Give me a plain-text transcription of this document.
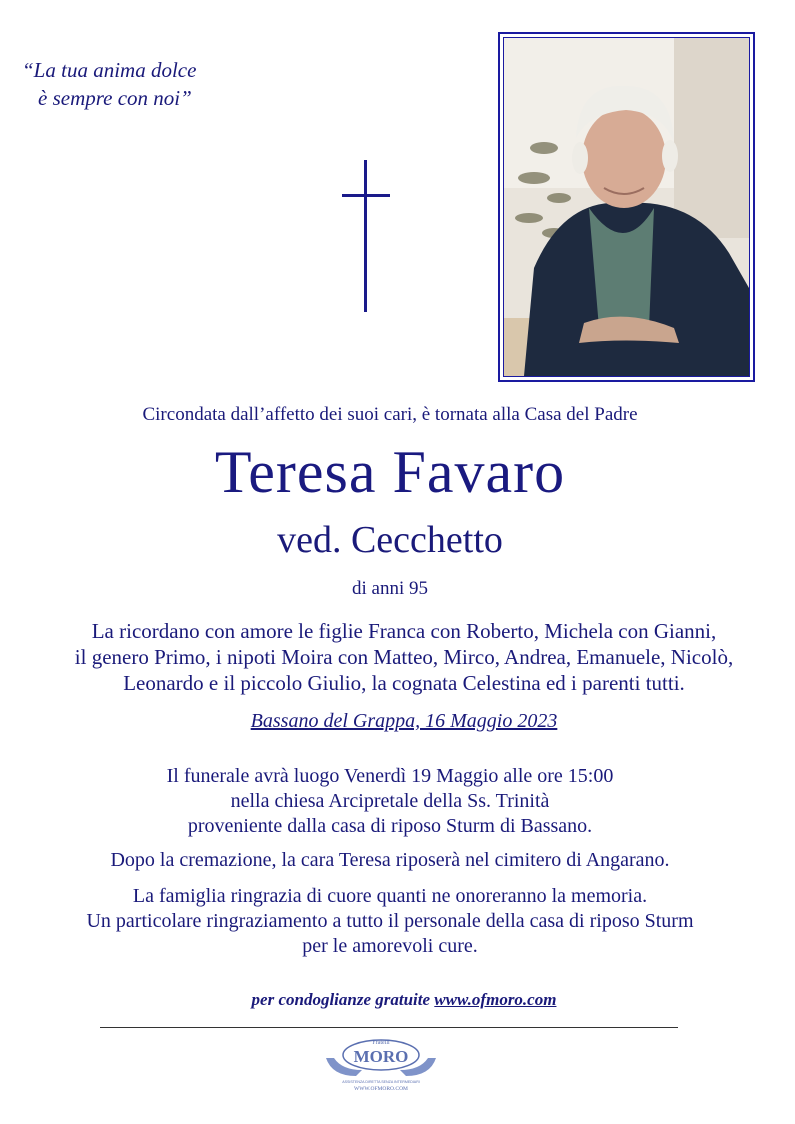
“La tua anima dolce
è sempre con noi”
Circondata dall’affetto dei suoi cari, è tornata alla Casa del Padre
Teresa Favaro
ved. Cecchetto
di anni 95
La ricordano con amore le figlie Franca con Roberto, Michela con Gianni,
il genero Primo, i nipoti Moira con Matteo, Mirco, Andrea, Emanuele, Nicolò,
Leonardo e il piccolo Giulio, la cognata Celestina ed i parenti tutti.
Bassano del Grappa, 16 Maggio 2023
Il funerale avrà luogo Venerdì 19 Maggio alle ore 15:00
nella chiesa Arcipretale della Ss. Trinità
proveniente dalla casa di riposo Sturm di Bassano.
Dopo la cremazione, la cara Teresa riposerà nel cimitero di Angarano.
La famiglia ringrazia di cuore quanti ne onoreranno la memoria.
Un particolare ringraziamento a tutto il personale della casa di riposo Sturm
per le amorevoli cure.
per condoglianze gratuite www.ofmoro.com
Fratelli
MORO
ASSISTENZA DIRETTA SENZA INTERMEDIARI
WWW.OFMORO.COM
